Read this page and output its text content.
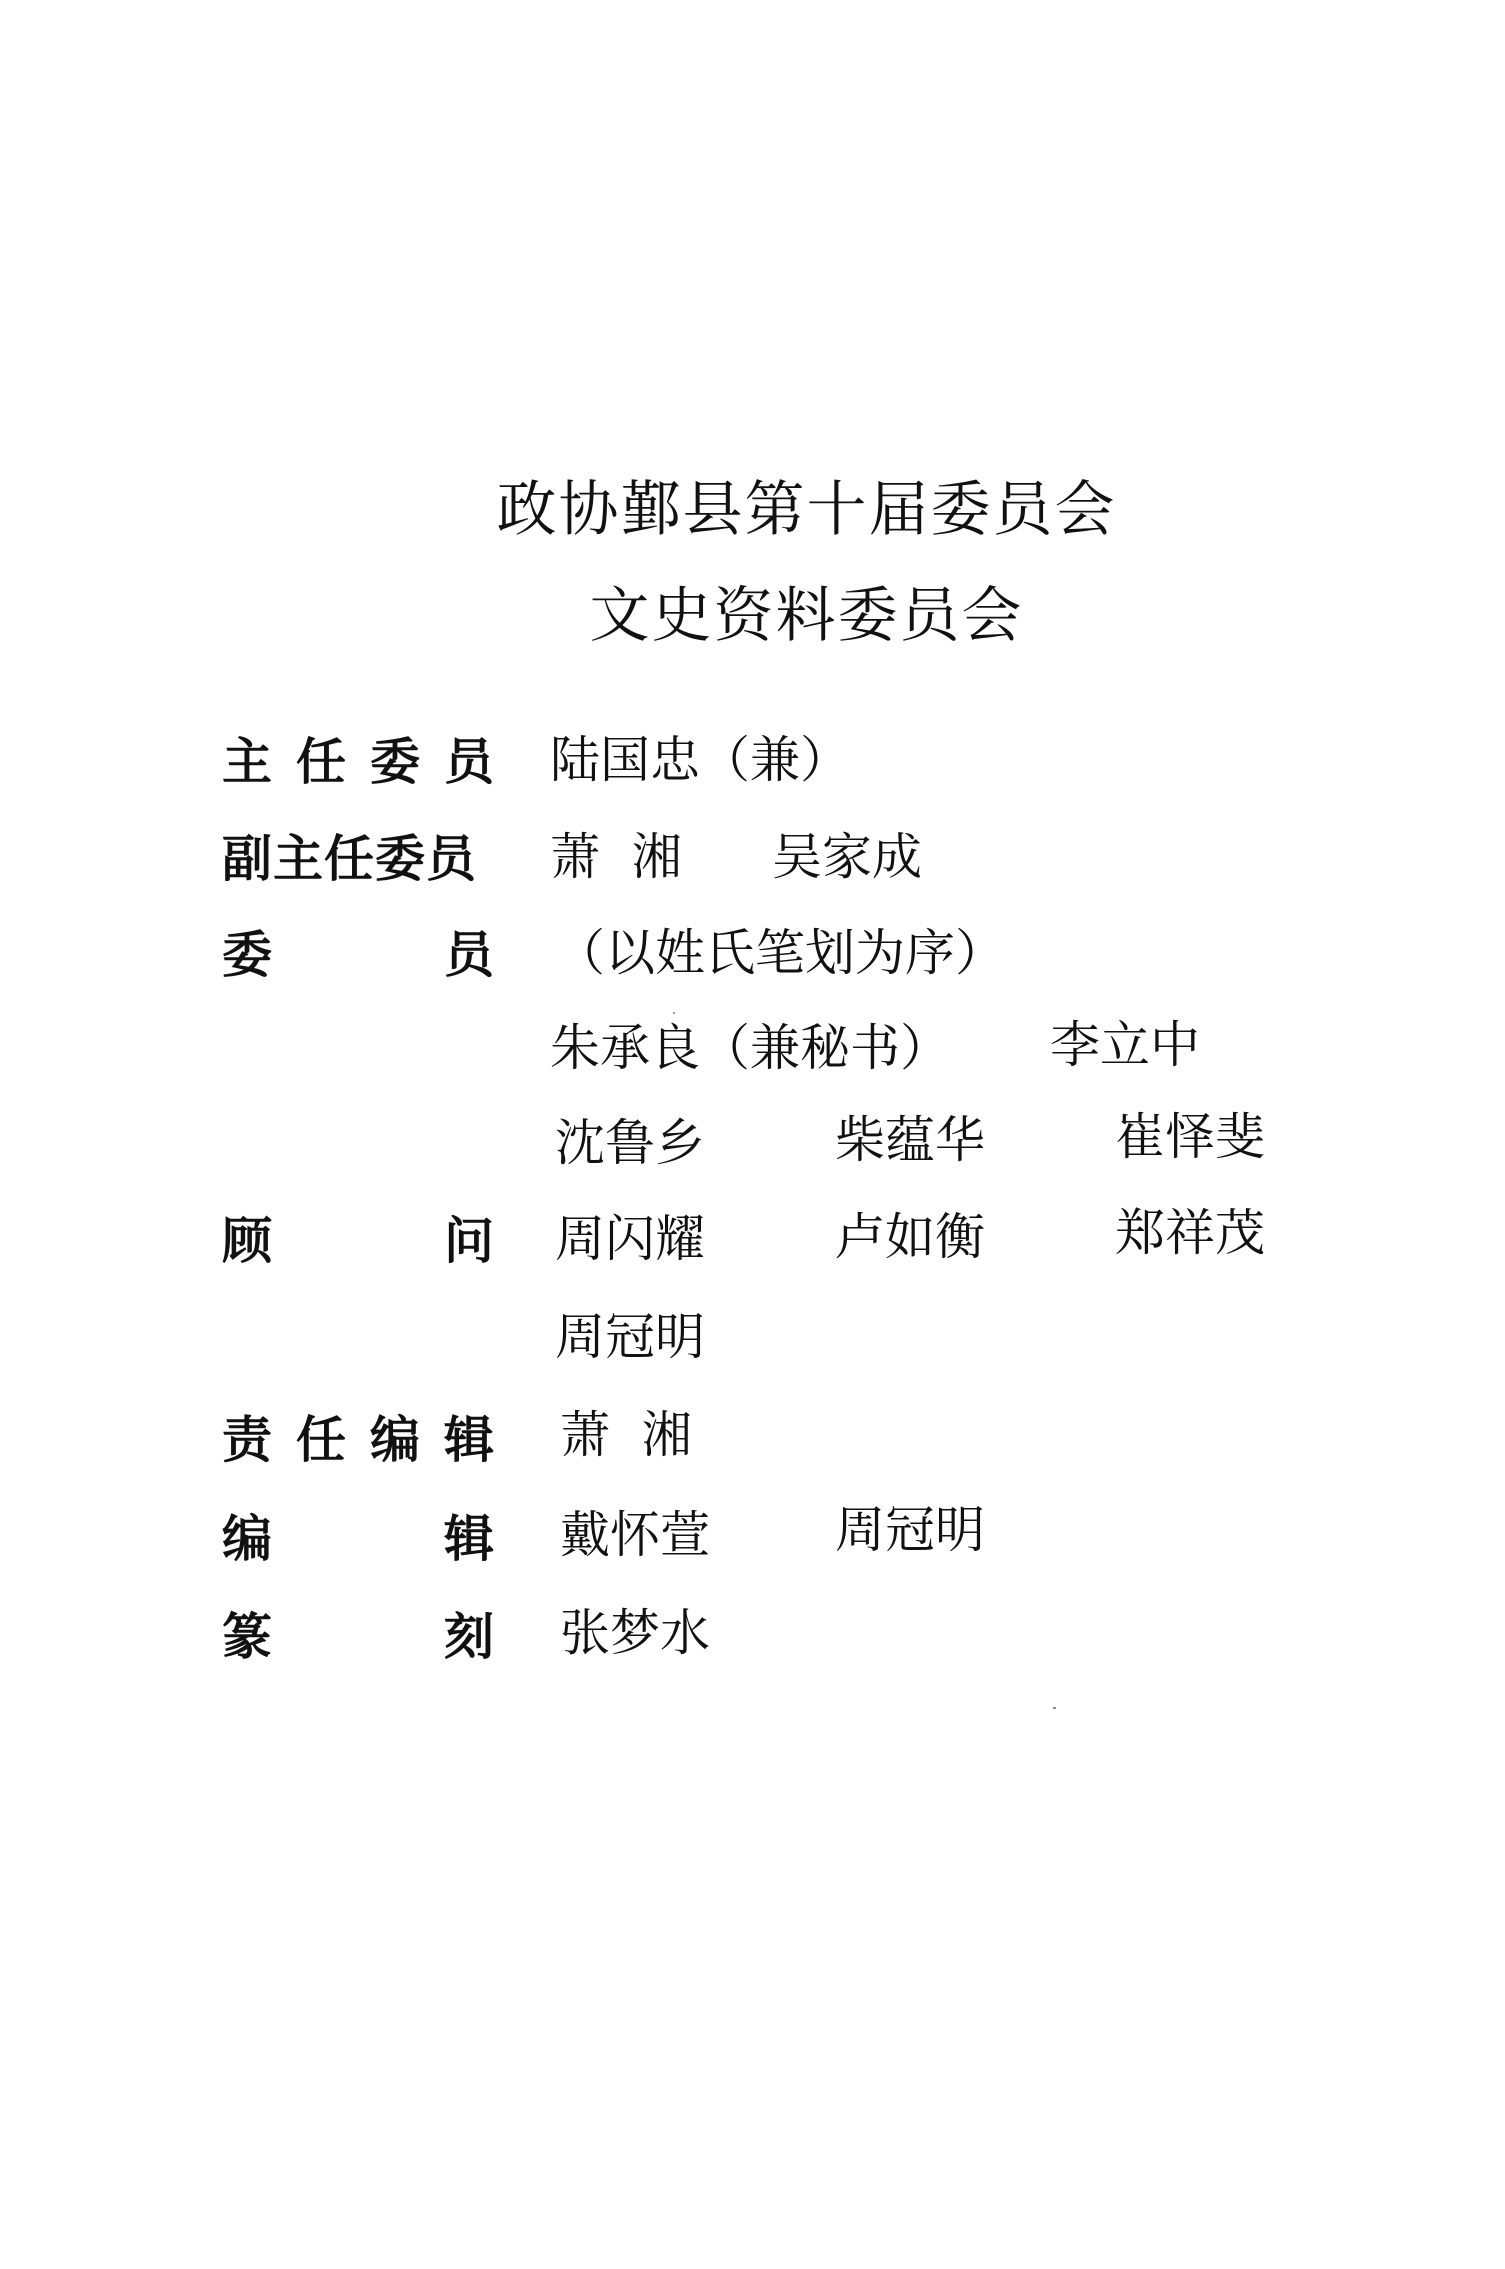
政协鄞县第十届委员会
文史资料委员会
主 任 委 员 陆国忠（兼）
副主任委员	萧  湘 吴家成
委	员 （以姓氏笔划为序）
朱承良（兼秘书） 李立中
沈鲁乡	柴蕴华	崔怿斐
顾	问 周闪耀	卢如衡	郑祥茂
周冠明
责 任 编 辑 萧  湘
编	辑 戴怀萱	周冠明
篆	刻 张梦水
